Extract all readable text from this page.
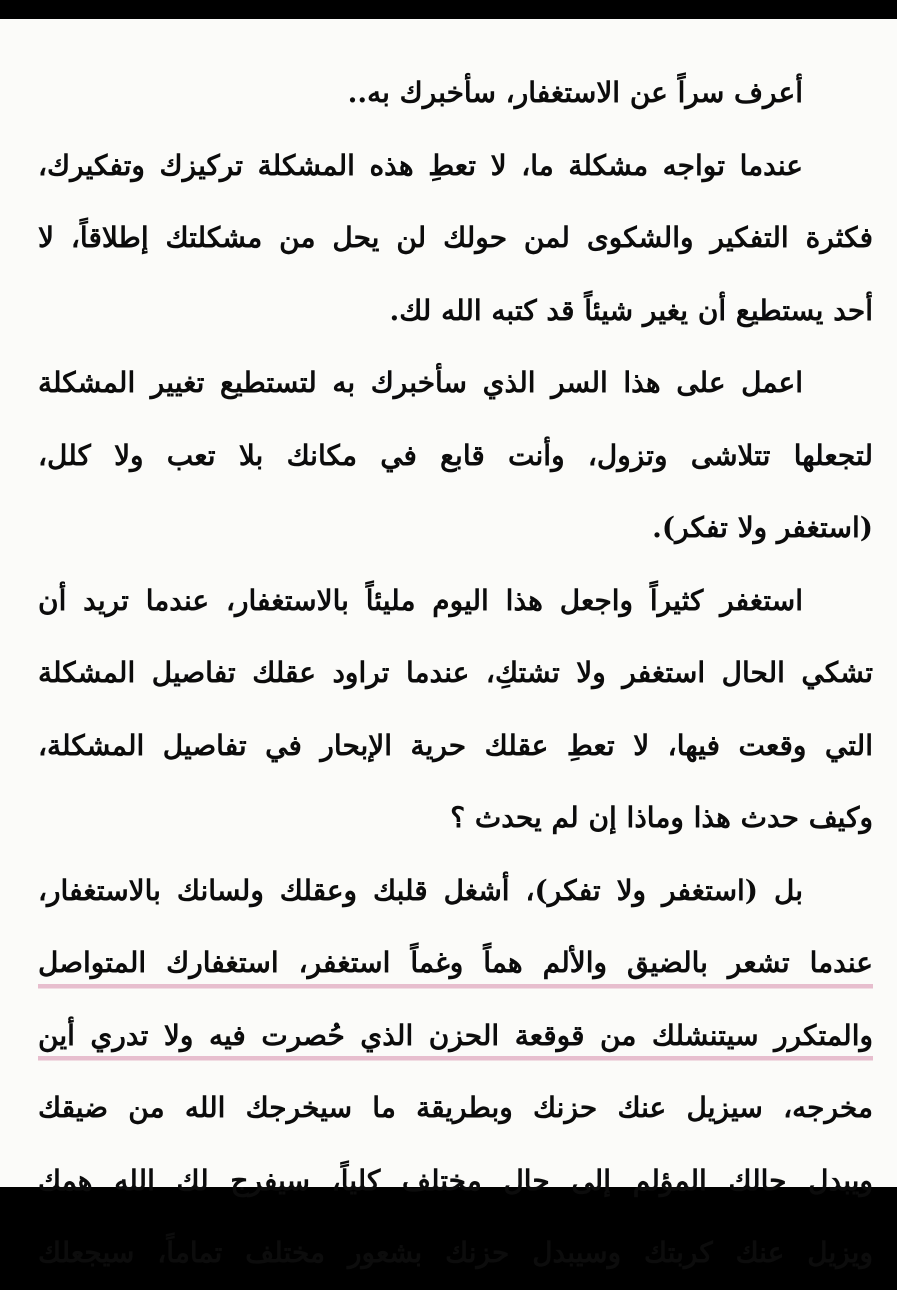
أعرف سراً عن الاستغفار، سأخبرك به..
عندما تواجه مشكلة ما، لا تعطِ هذه المشكلة تركيزك وتفكيرك،
فكثرة التفكير والشكوى لمن حولك لن يحل من مشكلتك إطلاقاً، لا
أحد يستطيع أن يغير شيئاً قد كتبه الله لك.
اعمل على هذا السر الذي سأخبرك به لتستطيع تغيير المشكلة
لتجعلها تتلاشى وتزول، وأنت قابع في مكانك بلا تعب ولا كلل،
(استغفر ولا تفكر).
استغفر كثيراً واجعل هذا اليوم مليئاً بالاستغفار، عندما تريد أن
تشكي الحال استغفر ولا تشتكِ، عندما تراود عقلك تفاصيل المشكلة
التي وقعت فيها، لا تعطِ عقلك حرية الإبحار في تفاصيل المشكلة،
وكيف حدث هذا وماذا إن لم يحدث ؟
بل (استغفر ولا تفكر)، أشغل قلبك وعقلك ولسانك بالاستغفار،
عندما تشعر بالضيق والألم هماً وغماً استغفر، استغفارك المتواصل
والمتكرر سيتنشلك من قوقعة الحزن الذي حُصرت فيه ولا تدري أين
مخرجه، سيزيل عنك حزنك وبطريقة ما سيخرجك الله من ضيقك
ويبدل حالك المؤلم إلى حال مختلف كلياً، سيفرج لك الله همك
ويزيل عنك كربتك وسيبدل حزنك بشعور مختلف تماماً، سيجعلك
